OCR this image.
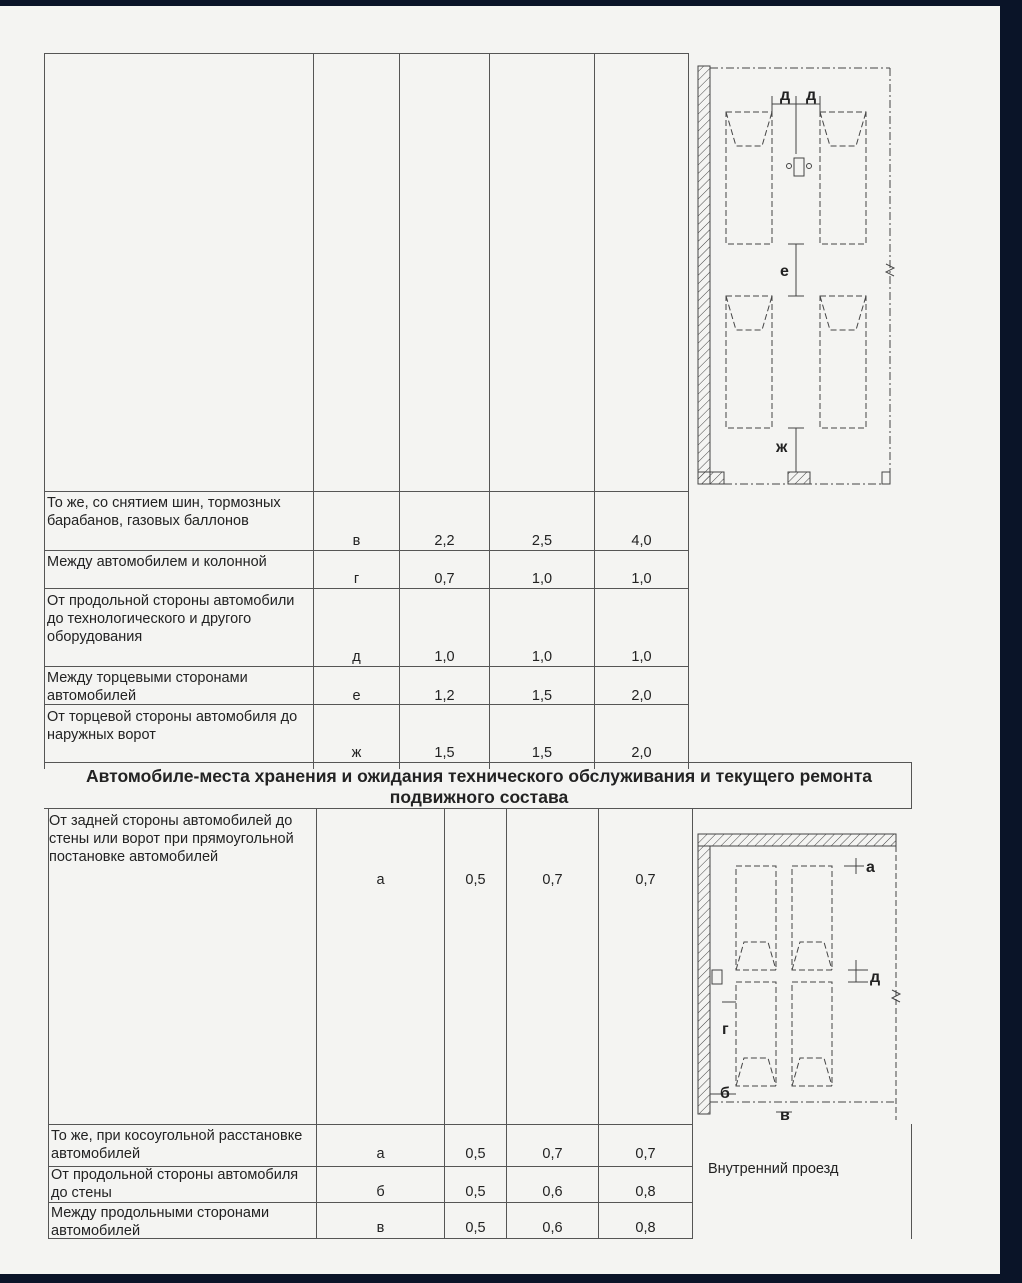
То же, со снятием шин, тормозных барабанов, газовых баллонов
в	2,2	2,5	4,0
Между автомобилем и колонной
г	0,7	1,0	1,0
От продольной стороны автомобили до технологического и другого оборудования
д	1,0	1,0	1,0
Между торцевыми сторонами автомобилей	е	1,2	1,5	2,0
От торцевой стороны автомобиля до наружных ворот
ж	1,5	1,5	2,0
Автомобиле-места хранения и ожидания технического обслуживания и текущего ремонта подвижного состава
От задней стороны автомобилей до стены или ворот при прямоугольной постановке автомобилей
а	0,5	0,7	0,7
То же, при косоугольной расстановке автомобилей	а	0,5	0,7	0,7
От продольной стороны автомобиля до стены	б	0,5	0,6	0,8
Между продольными сторонами автомобилей	в	0,5	0,6	0,8
Внутренний проезд
д д
е
ж
а
д
г
б
в
